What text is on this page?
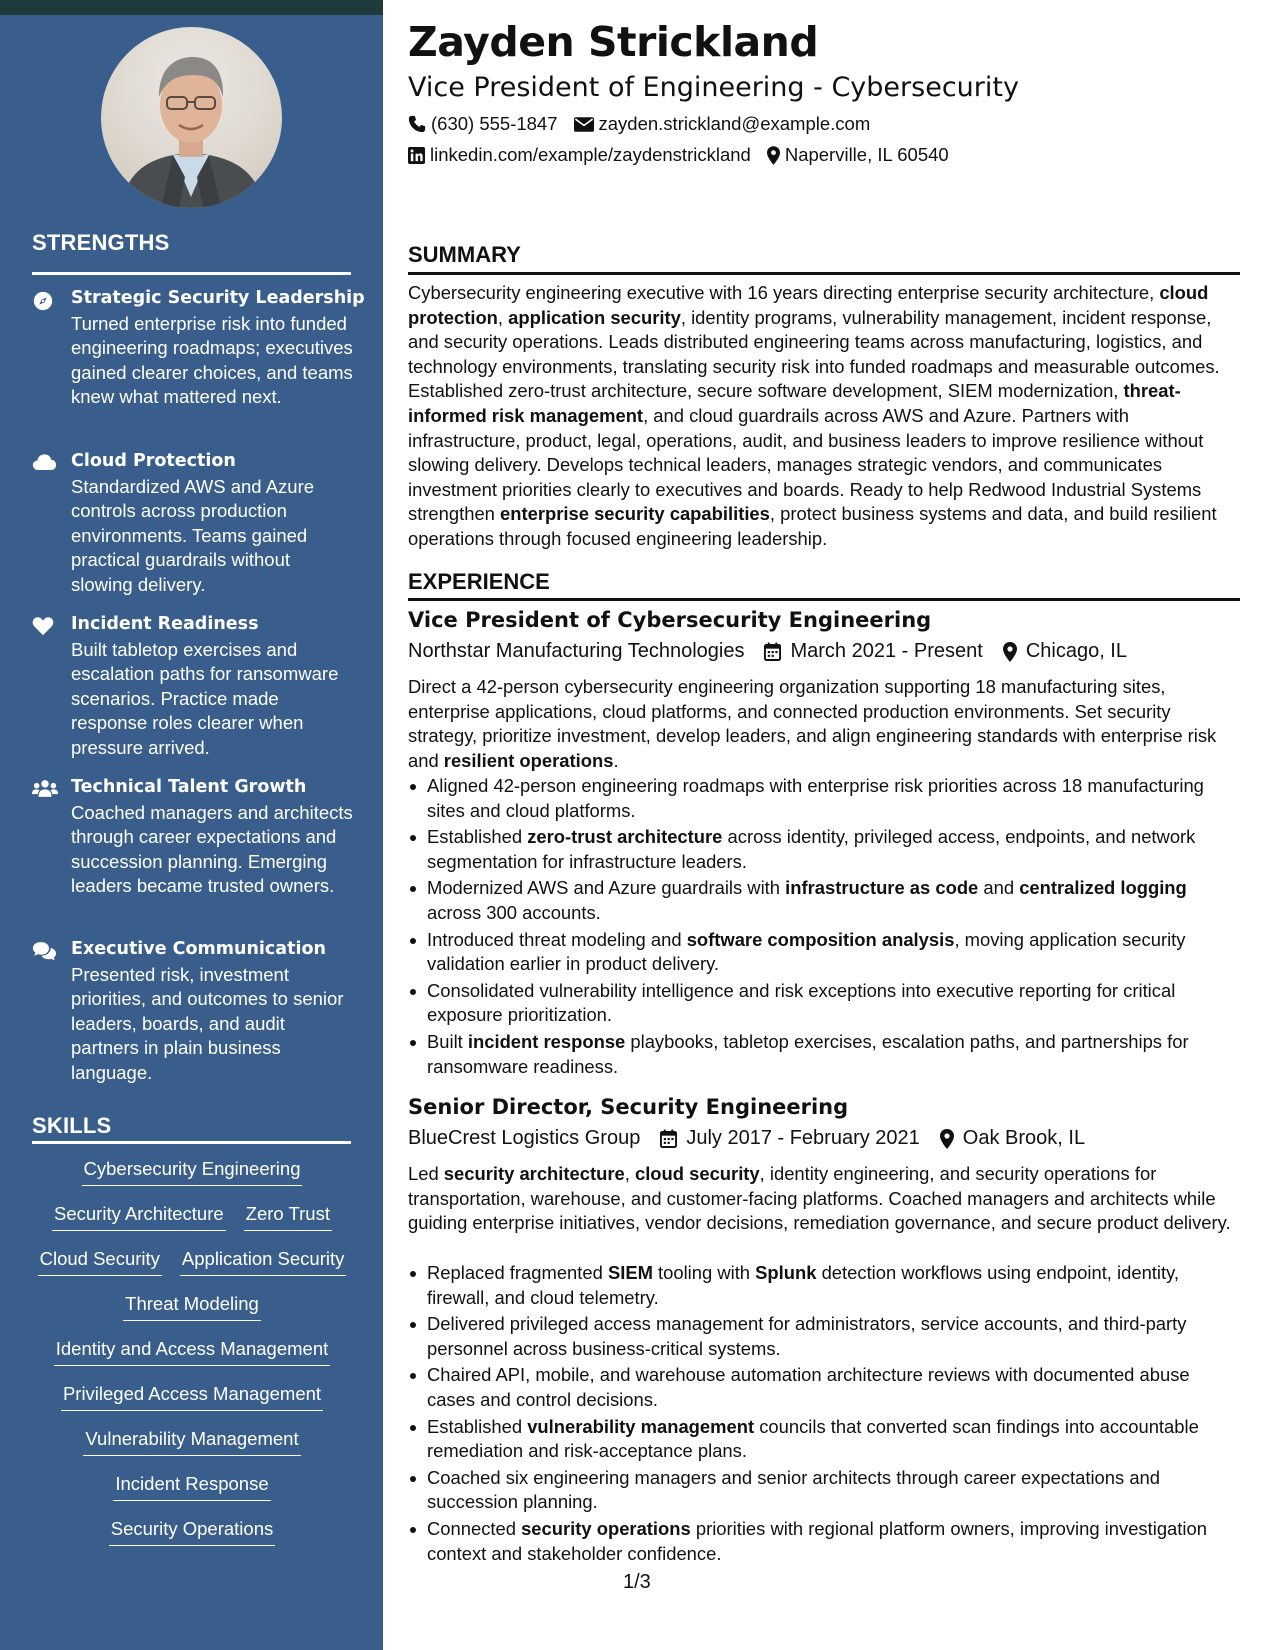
STRENGTHS
Strategic Security Leadership
Turned enterprise risk into funded engineering roadmaps; executives gained clearer choices, and teams knew what mattered next.
Cloud Protection
Standardized AWS and Azure controls across production environments. Teams gained practical guardrails without slowing delivery.
Incident Readiness
Built tabletop exercises and escalation paths for ransomware scenarios. Practice made response roles clearer when pressure arrived.
Technical Talent Growth
Coached managers and architects through career expectations and succession planning. Emerging leaders became trusted owners.
Executive Communication
Presented risk, investment priorities, and outcomes to senior leaders, boards, and audit partners in plain business language.
SKILLS
Cybersecurity Engineering
Security Architecture Zero Trust
Cloud Security Application Security
Threat Modeling
Identity and Access Management
Privileged Access Management
Vulnerability Management
Incident Response
Security Operations
Zayden Strickland
Vice President of Engineering - Cybersecurity
(630) 555-1847 zayden.strickland@example.com
linkedin.com/example/zaydenstrickland Naperville, IL 60540
SUMMARY
Cybersecurity engineering executive with 16 years directing enterprise security architecture, cloud protection, application security, identity programs, vulnerability management, incident response, and security operations. Leads distributed engineering teams across manufacturing, logistics, and technology environments, translating security risk into funded roadmaps and measurable outcomes. Established zero-trust architecture, secure software development, SIEM modernization, threat-informed risk management, and cloud guardrails across AWS and Azure. Partners with infrastructure, product, legal, operations, audit, and business leaders to improve resilience without slowing delivery. Develops technical leaders, manages strategic vendors, and communicates investment priorities clearly to executives and boards. Ready to help Redwood Industrial Systems strengthen enterprise security capabilities, protect business systems and data, and build resilient operations through focused engineering leadership.
EXPERIENCE
Vice President of Cybersecurity Engineering
Northstar Manufacturing Technologies March 2021 - Present Chicago, IL
Direct a 42-person cybersecurity engineering organization supporting 18 manufacturing sites, enterprise applications, cloud platforms, and connected production environments. Set security strategy, prioritize investment, develop leaders, and align engineering standards with enterprise risk and resilient operations.
Aligned 42-person engineering roadmaps with enterprise risk priorities across 18 manufacturing sites and cloud platforms.
Established zero-trust architecture across identity, privileged access, endpoints, and network segmentation for infrastructure leaders.
Modernized AWS and Azure guardrails with infrastructure as code and centralized logging across 300 accounts.
Introduced threat modeling and software composition analysis, moving application security validation earlier in product delivery.
Consolidated vulnerability intelligence and risk exceptions into executive reporting for critical exposure prioritization.
Built incident response playbooks, tabletop exercises, escalation paths, and partnerships for ransomware readiness.
Senior Director, Security Engineering
BlueCrest Logistics Group July 2017 - February 2021 Oak Brook, IL
Led security architecture, cloud security, identity engineering, and security operations for transportation, warehouse, and customer-facing platforms. Coached managers and architects while guiding enterprise initiatives, vendor decisions, remediation governance, and secure product delivery.
Replaced fragmented SIEM tooling with Splunk detection workflows using endpoint, identity, firewall, and cloud telemetry.
Delivered privileged access management for administrators, service accounts, and third-party personnel across business-critical systems.
Chaired API, mobile, and warehouse automation architecture reviews with documented abuse cases and control decisions.
Established vulnerability management councils that converted scan findings into accountable remediation and risk-acceptance plans.
Coached six engineering managers and senior architects through career expectations and succession planning.
Connected security operations priorities with regional platform owners, improving investigation context and stakeholder confidence.
1/3
